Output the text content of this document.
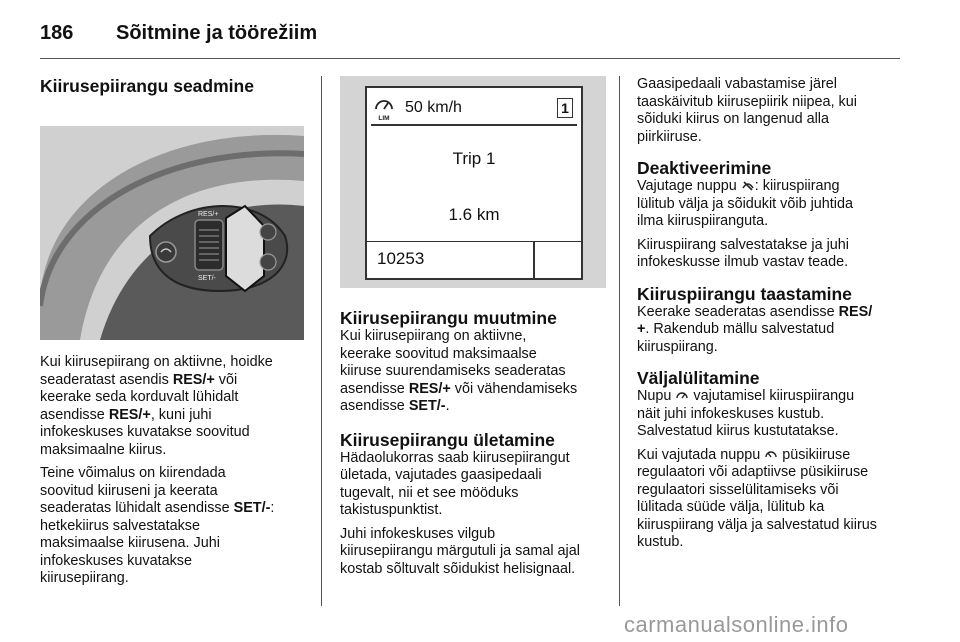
186	Sõitmine ja töörežiim
Kiirusepiirangu seadmine
RES/+
SET/-

Kui kiirusepiirang on aktiivne, hoidke
seaderatast asendis RES/+ või
keerake seda korduvalt lühidalt
asendisse RES/+, kuni juhi
infokeskuses kuvatakse soovitud
maksimaalne kiirus.

Teine võimalus on kiirendada
soovitud kiiruseni ja keerata
seaderatas lühidalt asendisse SET/-:
hetkekiirus salvestatakse
maksimaalse kiirusena. Juhi
infokeskuses kuvatakse
kiirusepiirang.

LIM
50 km/h	1
Trip 1
1.6 km
10253
Kiirusepiirangu muutmine

Kui kiirusepiirang on aktiivne,
keerake soovitud maksimaalse
kiiruse suurendamiseks seaderatas
asendisse RES/+ või vähendamiseks
asendisse SET/-.

Kiirusepiirangu ületamine

Hädaolukorras saab kiirusepiirangut
ületada, vajutades gaasipedaali
tugevalt, nii et see mööduks
takistuspunktist.

Juhi infokeskuses vilgub
kiirusepiirangu märgutuli ja samal ajal
kostab sõltuvalt sõidukist helisignaal.

Gaasipedaali vabastamise järel
taaskäivitub kiirusepiirik niipea, kui
sõiduki kiirus on langenud alla
piirkiiruse.

Deaktiveerimine

Vajutage nuppu : kiiruspiirang
lülitub välja ja sõidukit võib juhtida
ilma kiiruspiiranguta.

Kiiruspiirang salvestatakse ja juhi
infokeskusse ilmub vastav teade.

Kiiruspiirangu taastamine

Keerake seaderatas asendisse RES/
+. Rakendub mällu salvestatud
kiiruspiirang.

Väljalülitamine

Nupu  vajutamisel kiiruspiirangu
näit juhi infokeskuses kustub.
Salvestatud kiirus kustutatakse.

Kui vajutada nuppu  püsikiiruse
regulaatori või adaptiivse püsikiiruse
regulaatori sisselülitamiseks või
lülitada süüde välja, lülitub ka
kiiruspiirang välja ja salvestatud kiirus
kustub.

carmanualsonline.info
